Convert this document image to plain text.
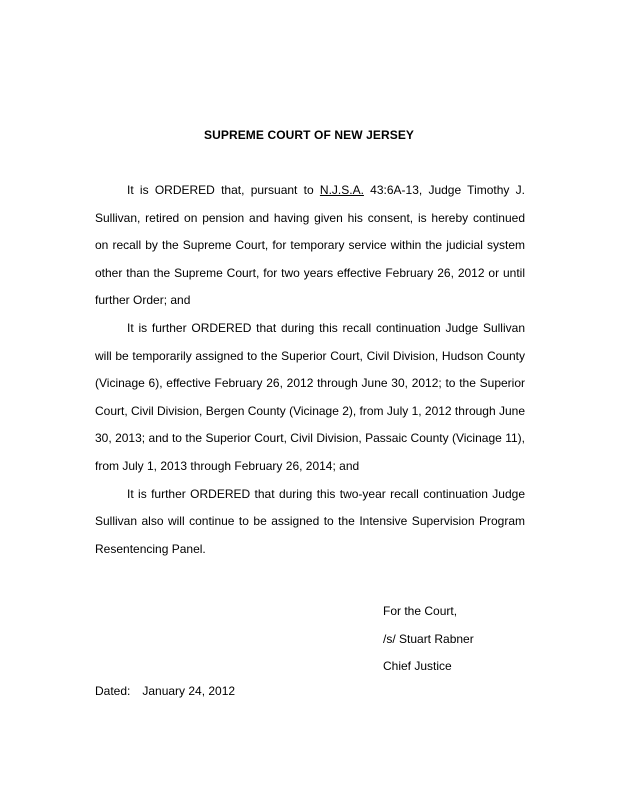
SUPREME COURT OF NEW JERSEY

It is ORDERED that, pursuant to N.J.S.A. 43:6A-13, Judge Timothy J. Sullivan, retired on pension and having given his consent, is hereby continued on recall by the Supreme Court, for temporary service within the judicial system other than the Supreme Court, for two years effective February 26, 2012 or until further Order; and

It is further ORDERED that during this recall continuation Judge Sullivan will be temporarily assigned to the Superior Court, Civil Division, Hudson County (Vicinage 6), effective February 26, 2012 through June 30, 2012; to the Superior Court, Civil Division, Bergen County (Vicinage 2), from July 1, 2012 through June 30, 2013; and to the Superior Court, Civil Division, Passaic County (Vicinage 11), from July 1, 2013 through February 26, 2014; and

It is further ORDERED that during this two-year recall continuation Judge Sullivan also will continue to be assigned to the Intensive Supervision Program Resentencing Panel.

For the Court,
/s/ Stuart Rabner
Chief Justice
Dated: January 24, 2012
